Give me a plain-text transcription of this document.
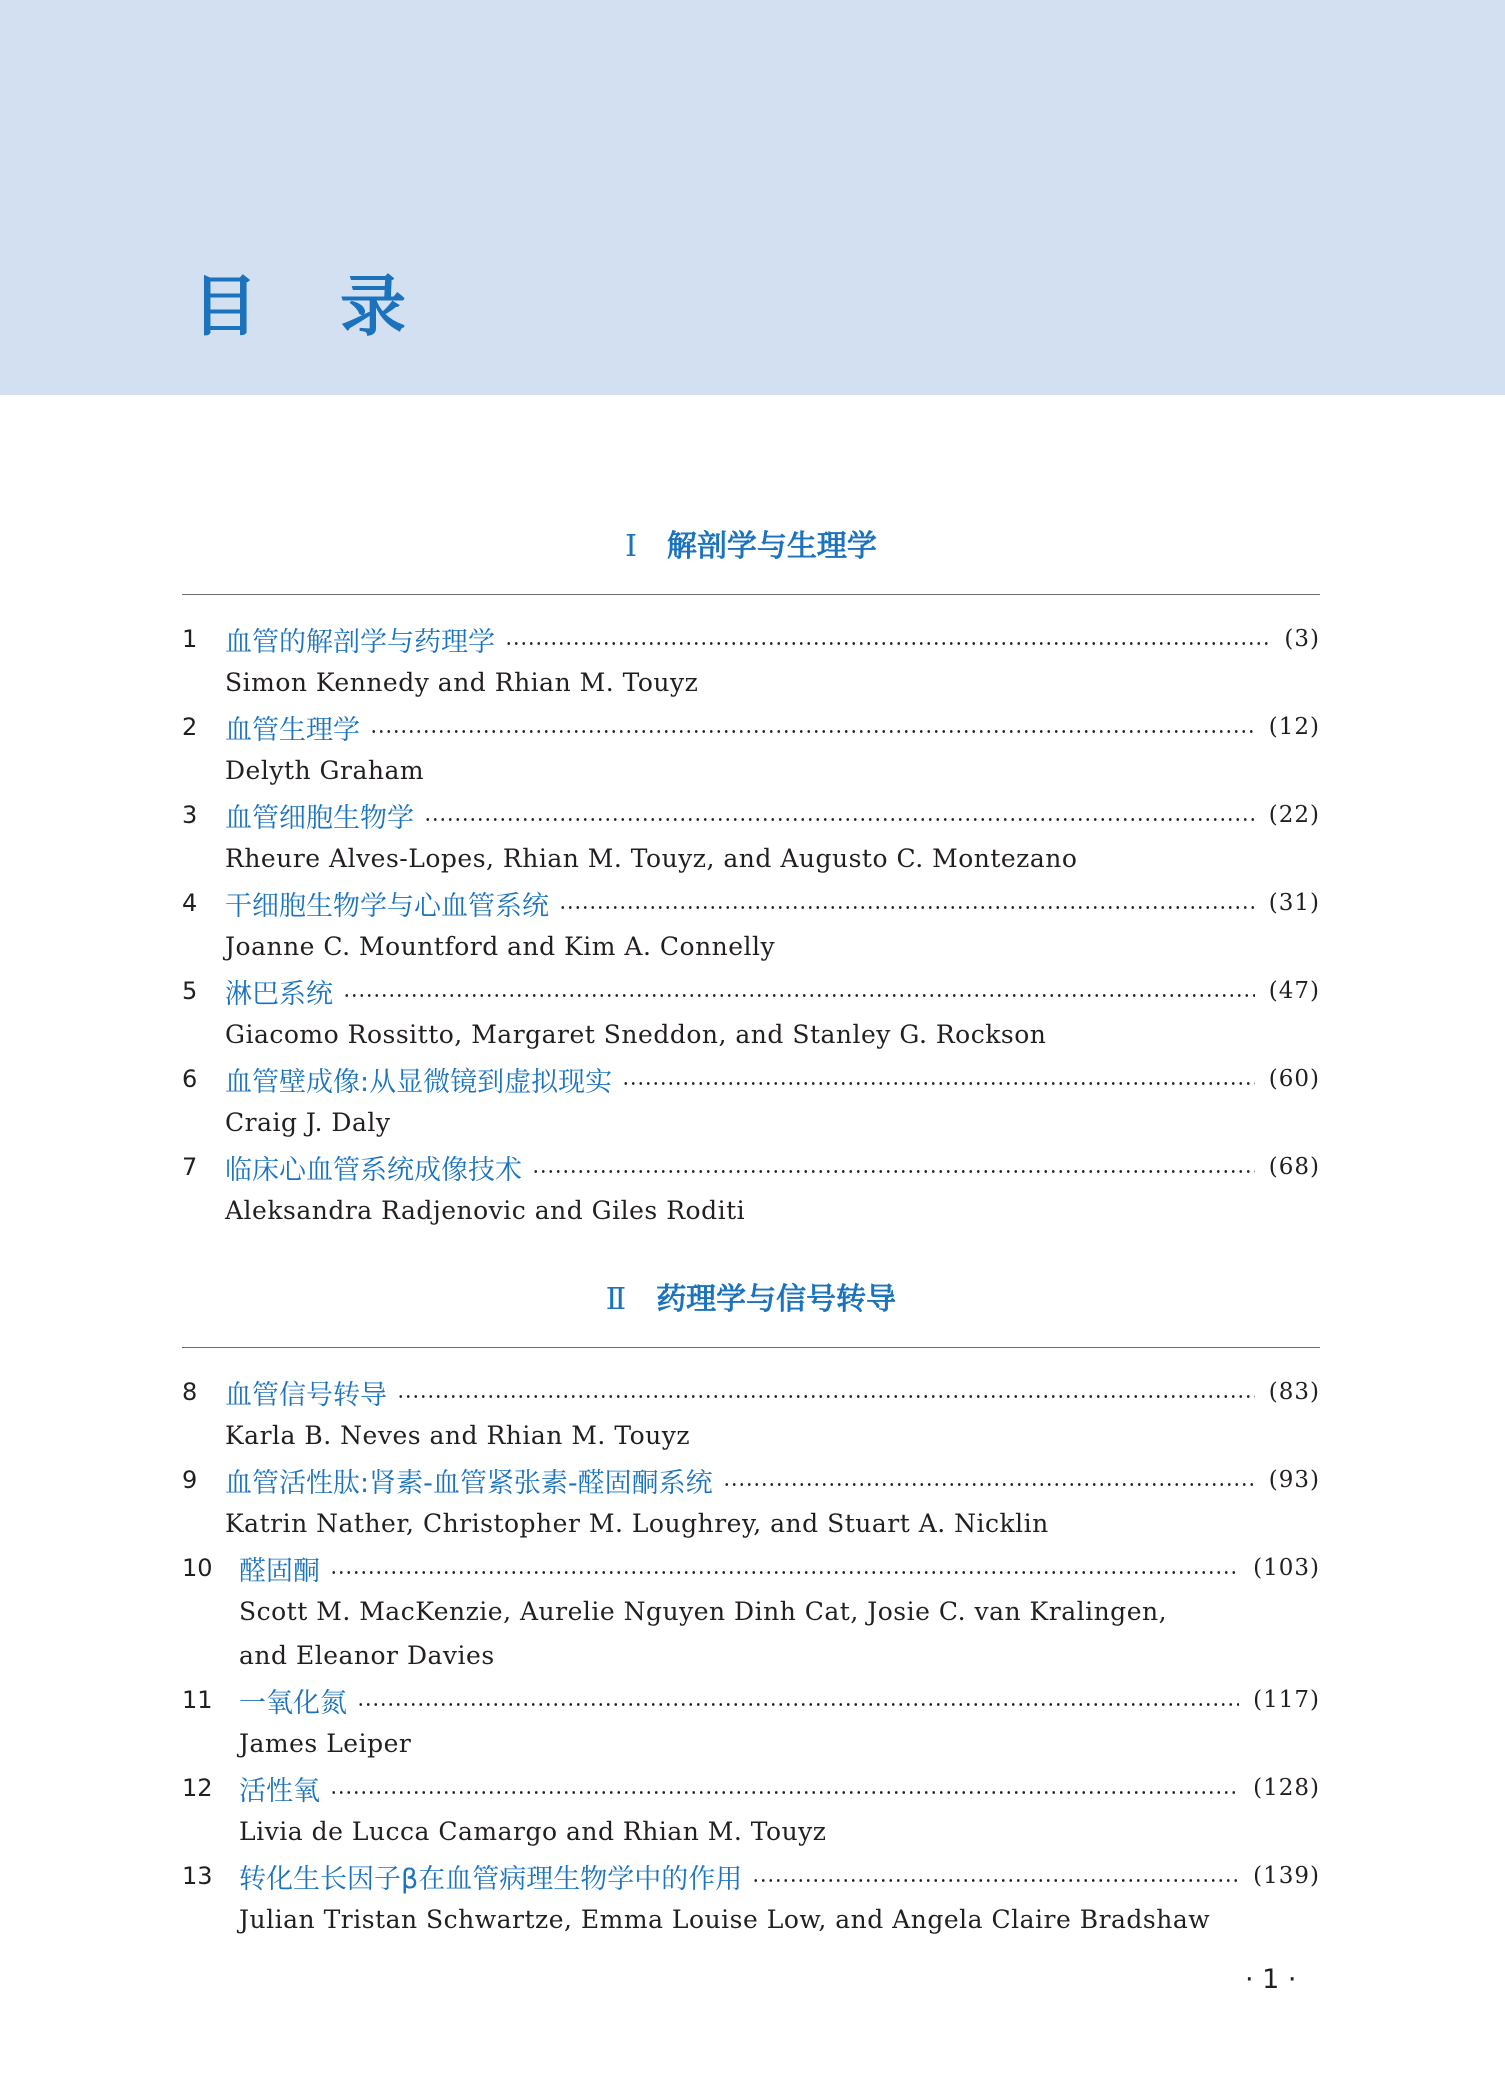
目录
Ⅰ 解剖学与生理学
1	血管的解剖学与药理学	(3)
Simon Kennedy and Rhian M. Touyz
2	血管生理学	(12)
Delyth Graham
3	血管细胞生物学	(22)
Rheure Alves-Lopes, Rhian M. Touyz, and Augusto C. Montezano
4	干细胞生物学与心血管系统	(31)
Joanne C. Mountford and Kim A. Connelly
5	淋巴系统	(47)
Giacomo Rossitto, Margaret Sneddon, and Stanley G. Rockson
6	血管壁成像:从显微镜到虚拟现实	(60)
Craig J. Daly
7	临床心血管系统成像技术	(68)
Aleksandra Radjenovic and Giles Roditi
Ⅱ 药理学与信号转导
8	血管信号转导	(83)
Karla B. Neves and Rhian M. Touyz
9	血管活性肽:肾素-血管紧张素-醛固酮系统	(93)
Katrin Nather, Christopher M. Loughrey, and Stuart A. Nicklin
10 醛固酮	(103)
Scott M. MacKenzie, Aurelie Nguyen Dinh Cat, Josie C. van Kralingen,
and Eleanor Davies
11 一氧化氮	(117)
James Leiper
12 活性氧	(128)
Livia de Lucca Camargo and Rhian M. Touyz
13 转化生长因子β在血管病理生物学中的作用	(139)
Julian Tristan Schwartze, Emma Louise Low, and Angela Claire Bradshaw
· 1 ·
